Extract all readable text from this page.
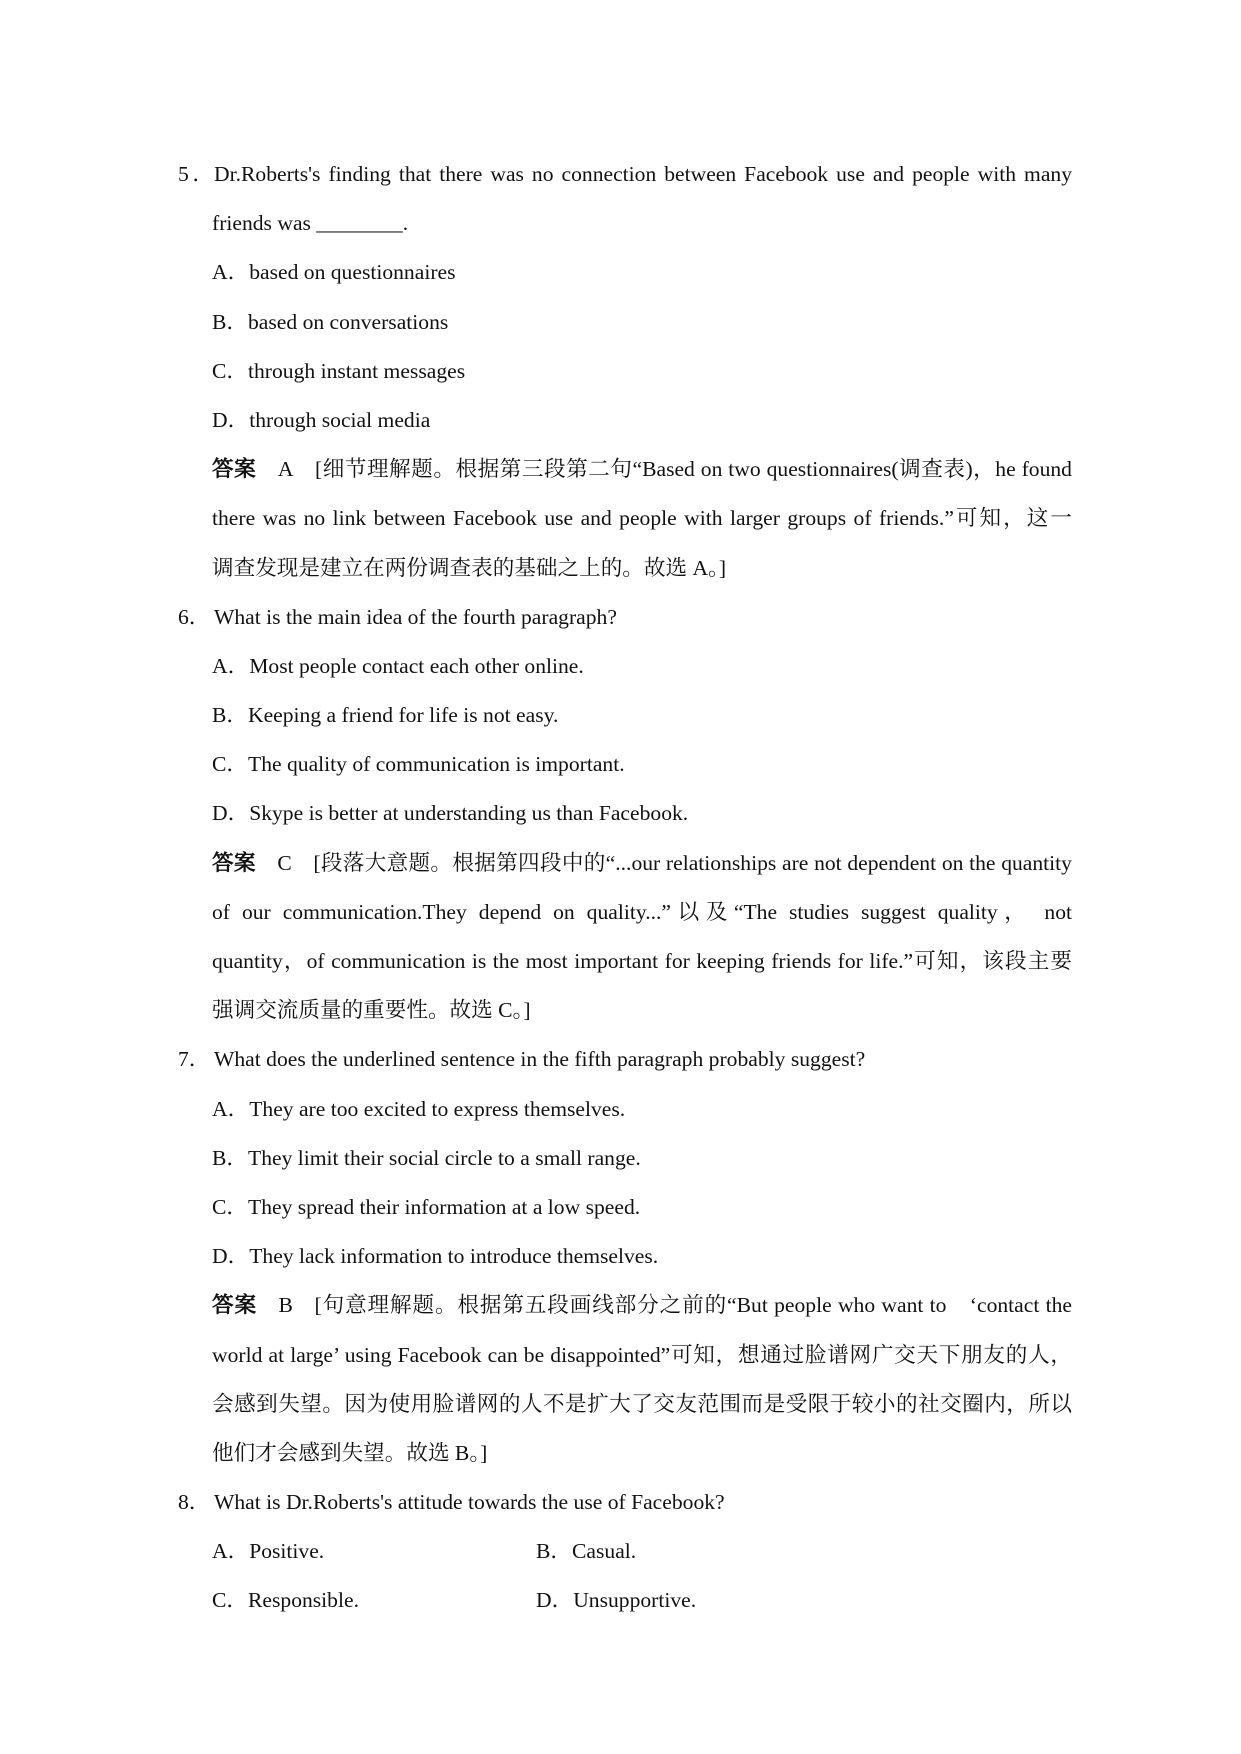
5．Dr.Roberts's finding that there was no connection between Facebook use and people with many
friends was ________.
A．based on questionnaires
B．based on conversations
C．through instant messages
D．through social media
答案 A [细节理解题。根据第三段第二句“Based on two questionnaires(调查表)，he found
there was no link between Facebook use and people with larger groups of friends.”可知，这一
调查发现是建立在两份调查表的基础之上的。故选 A。]
6． What is the main idea of the fourth paragraph?
A．Most people contact each other online.
B．Keeping a friend for life is not easy.
C．The quality of communication is important.
D．Skype is better at understanding us than Facebook.
答案 C [段落大意题。根据第四段中的“...our relationships are not dependent on the quantity
of our communication.They depend on quality...”以及“The studies suggest quality， not
quantity，of communication is the most important for keeping friends for life.”可知，该段主要
强调交流质量的重要性。故选 C。]
7． What does the underlined sentence in the fifth paragraph probably suggest?
A．They are too excited to express themselves.
B．They limit their social circle to a small range.
C．They spread their information at a low speed.
D．They lack information to introduce themselves.
答案 B [句意理解题。根据第五段画线部分之前的“But people who want to　‘contact the
world at large’ using Facebook can be disappointed”可知，想通过脸谱网广交天下朋友的人，
会感到失望。因为使用脸谱网的人不是扩大了交友范围而是受限于较小的社交圈内，所以
他们才会感到失望。故选 B。]
8． What is Dr.Roberts's attitude towards the use of Facebook?
A．Positive.	B．Casual.
C．Responsible.	D．Unsupportive.
